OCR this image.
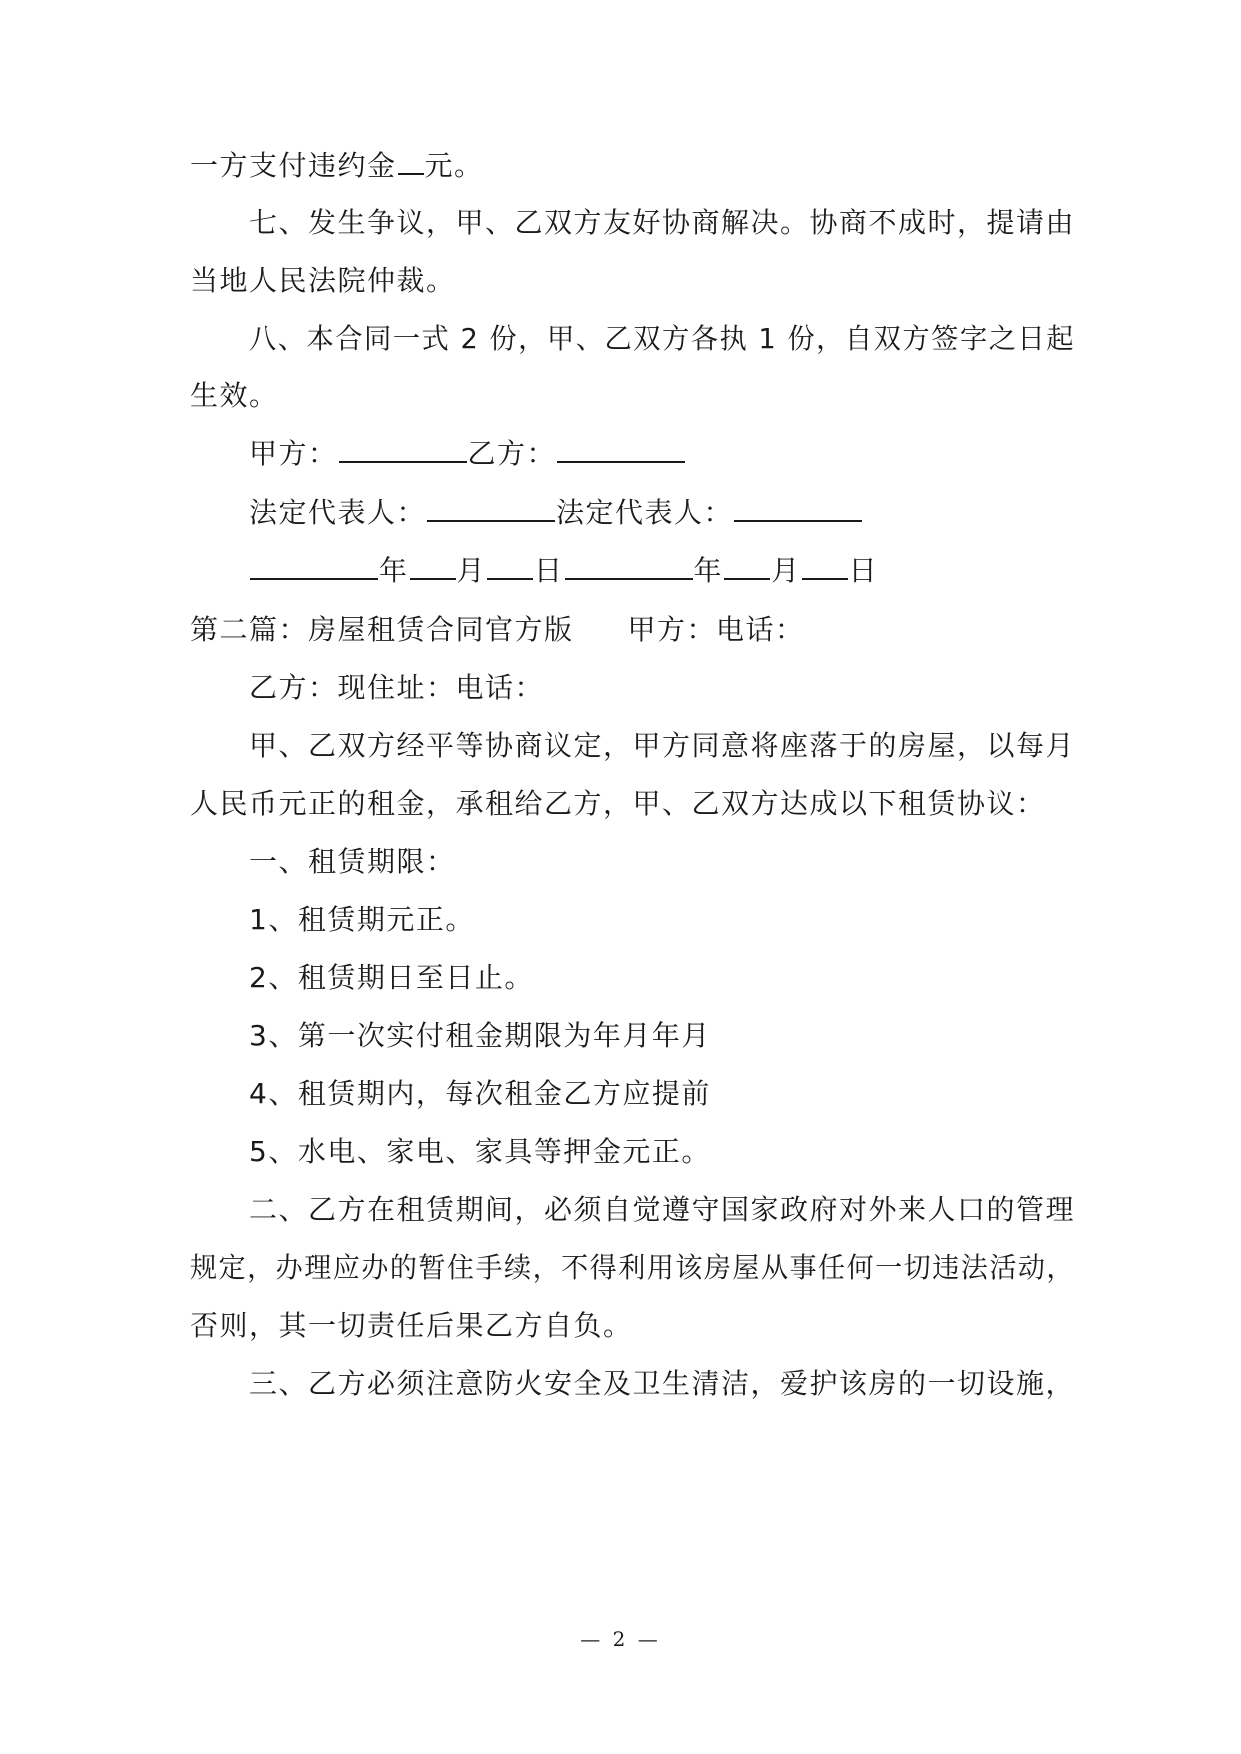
一方支付违约金 元。
七、发生争议，甲、乙双方友好协商解决。协商不成时，提请由
当地人民法院仲裁。
八、本合同一式 2 份，甲、乙双方各执 1 份，自双方签字之日起
生效。
甲方：	乙方：
法定代表人：	法定代表人：
年 月 日	年 月 日
第二篇：房屋租赁合同官方版 甲方：电话：
乙方：现住址：电话：
甲、乙双方经平等协商议定，甲方同意将座落于的房屋，以每月
人民币元正的租金，承租给乙方，甲、乙双方达成以下租赁协议：
一、租赁期限：
1、租赁期元正。
2、租赁期日至日止。
3、第一次实付租金期限为年月年月
4、租赁期内，每次租金乙方应提前
5、水电、家电、家具等押金元正。
二、乙方在租赁期间，必须自觉遵守国家政府对外来人口的管理
规定，办理应办的暂住手续，不得利用该房屋从事任何一切违法活动，
否则，其一切责任后果乙方自负。
三、乙方必须注意防火安全及卫生清洁，爱护该房的一切设施，
— 2 —
